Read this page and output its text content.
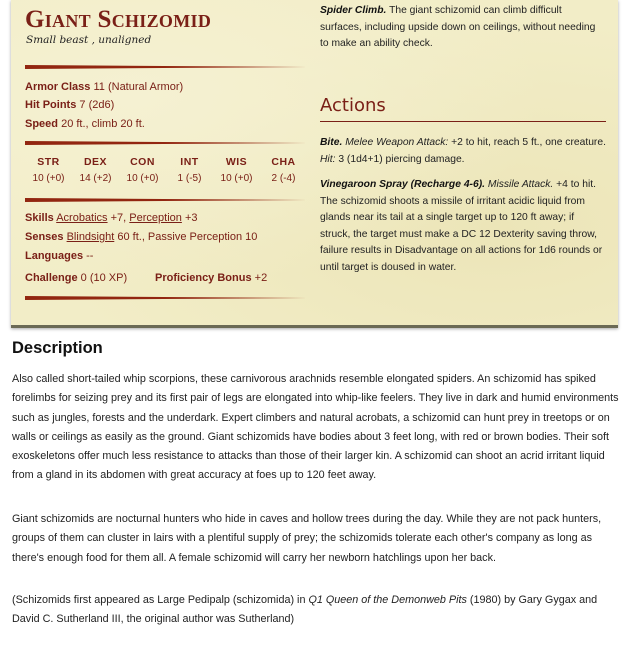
Giant Schizomid
Small beast , unaligned
Armor Class 11 (Natural Armor)
Hit Points 7 (2d6)
Speed 20 ft., climb 20 ft.
STR
10 (+0)
DEX
14 (+2)
CON
10 (+0)
INT
1 (-5)
WIS
10 (+0)
CHA
2 (-4)
Skills Acrobatics +7, Perception +3
Senses Blindsight 60 ft., Passive Perception 10
Languages --
Challenge 0 (10 XP)	Proficiency Bonus +2
Spider Climb. The giant schizomid can climb difficult surfaces, including upside down on ceilings, without needing to make an ability check.
Actions
Bite. Melee Weapon Attack: +2 to hit, reach 5 ft., one creature. Hit: 3 (1d4+1) piercing damage.
Vinegaroon Spray (Recharge 4-6). Missile Attack. +4 to hit. The schizomid shoots a missile of irritant acidic liquid from glands near its tail at a single target up to 120 ft away; if struck, the target must make a DC 12 Dexterity saving throw, failure results in Disadvantage on all actions for 1d6 rounds or until target is doused in water.
Description

Also called short-tailed whip scorpions, these carnivorous arachnids resemble elongated spiders. An schizomid has spiked forelimbs for seizing prey and its first pair of legs are elongated into whip-like feelers. They live in dark and humid environments such as jungles, forests and the underdark. Expert climbers and natural acrobats, a schizomid can hunt prey in treetops or on walls or ceilings as easily as the ground. Giant schizomids have bodies about 3 feet long, with red or brown bodies. Their soft exoskeletons offer much less resistance to attacks than those of their larger kin. A schizomid can shoot an acrid irritant liquid from a gland in its abdomen with great accuracy at foes up to 120 feet away.

Giant schizomids are nocturnal hunters who hide in caves and hollow trees during the day. While they are not pack hunters, groups of them can cluster in lairs with a plentiful supply of prey; the schizomids tolerate each other's company as long as there's enough food for them all. A female schizomid will carry her newborn hatchlings upon her back.

(Schizomids first appeared as Large Pedipalp (schizomida) in Q1 Queen of the Demonweb Pits (1980) by Gary Gygax and David C. Sutherland III, the original author was Sutherland)
